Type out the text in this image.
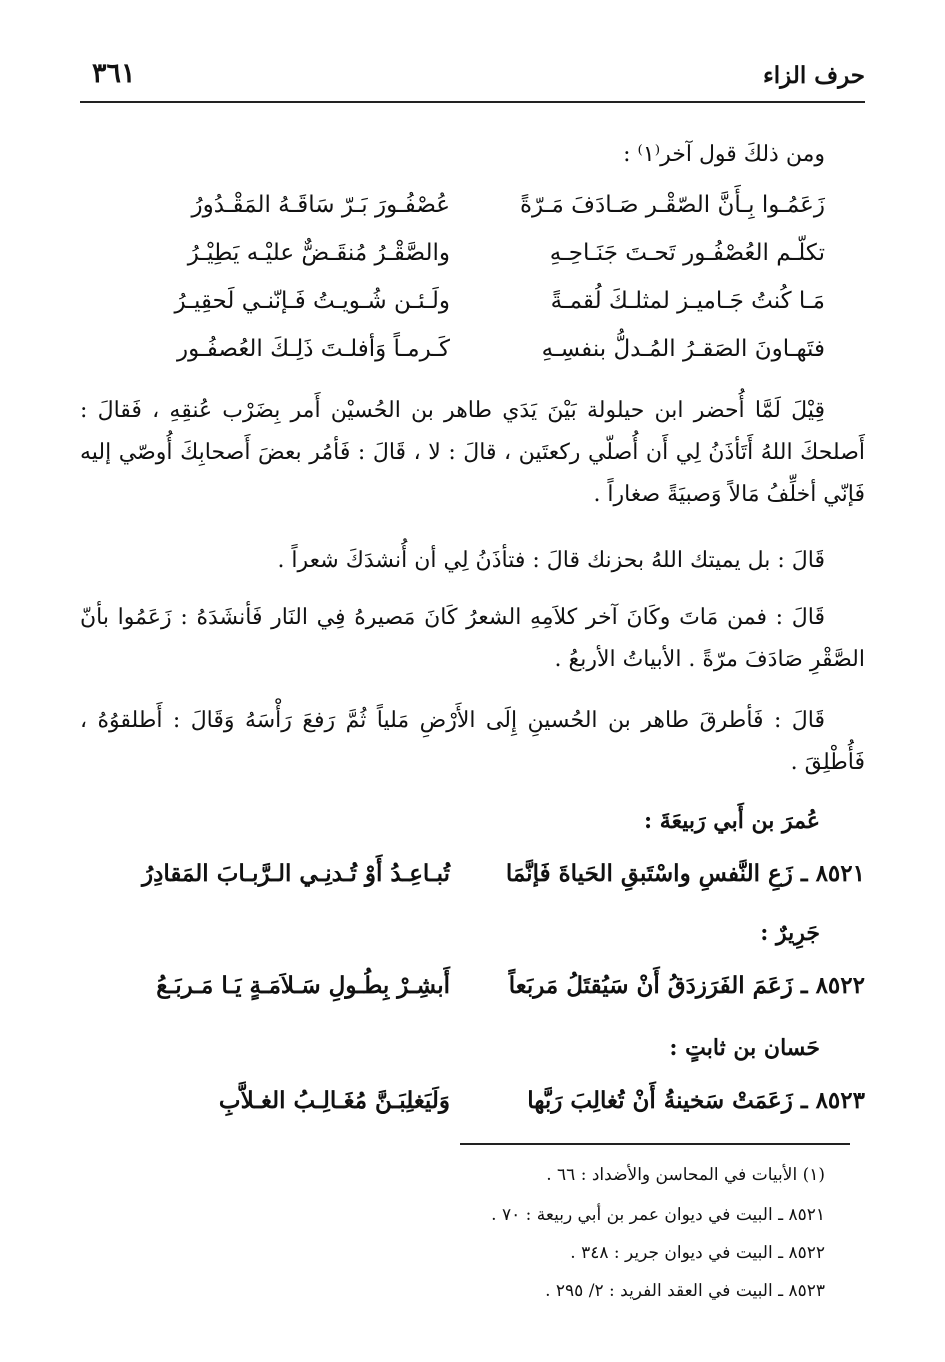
حرف الزاء
٣٦١
ومن ذلكَ قول آخر⁽١⁾ :
زَعَمُـوا بِـأَنَّ الصّقْـر صَـادَفَ مَـرّةً
عُصْفُـورَ بَـرّ سَاقَـهُ المَقْـدُورُ
تكلّـم العُصْفُـور تَحـتَ جَنَـاحِـهِ
والصَّقْـرُ مُنقَـضٌّ عليْـه يَطِيْـرُ
مَـا كُنتُ جَـاميـز لمثلـكَ لُقمـةً
ولَـئـن شُـويـتُ فَـإنّنـي لَحقِيـرُ
فتَهـاونَ الصَقـرُ المُـدلُّ بنفسِـهِ
كَـرمـاً وَأفلـتَ ذَلِـكَ العُصفُـور
قِيْلَ لَمَّا أُحضر ابن حيلولة بَيْنَ يَدَي طاهر بن الحُسيْن أَمر بِضَرْب عُنقِهِ ، فَقالَ : أَصلحكَ اللهُ أَتَأذَنُ لِي أَن أُصلّي ركعتَين ، قالَ : لا ، قَالَ : فَأمُر بعضَ أَصحابِكَ أُوصّي إليه فَإنّي أخلِّفُ مَالاً وَصبيَةً صغاراً .
قَالَ : بل يميتك اللهُ بحزنك قالَ : فتأذَنُ لِي أن أُنشدَكَ شعراً .
قَالَ : فمن مَاتَ وكَانَ آخر كلاَمِهِ الشعرُ كَانَ مَصيرهُ فِي النَار فَأنشَدَهُ : زَعَمُوا بأنّ الصَّقْرِ صَادَفَ مرّةً . الأبياتُ الأربعُ .
قَالَ : فَأطرقَ طاهر بن الحُسينِ إِلَى الأَرْضِ مَلياً ثُمَّ رَفعَ رَأْسَهُ وَقَالَ : أَطلقوُهُ ، فَأُطْلِقَ .
عُمرَ بن أَبي رَبيعَةَ :
٨٥٢١ ـ زَعِ النَّفسِ واسْتَبقِ الحَياةَ فَإنَّمَا
تُبـاعِـدُ أَوْ تُـدنِـي الـرَّبـابَ المَقادِرُ
جَرِيرٌ :
٨٥٢٢ ـ زَعَمَ الفَرَزدَقُ أَنْ سَيُقتَلُ مَربَعاً
أَبشِـرْ بِطُـولِ سَـلاَمَـةٍ يَـا مَـربَـعُ
حَسان بن ثابتٍ :
٨٥٢٣ ـ زَعَمَتْ سَخينةُ أَنْ تُغالِبَ رَبَّها
وَلَيَغلِبَـنَّ مُغَـالِـبُ الغـلاَّبِ
(١) الأبيات في المحاسن والأضداد : ٦٦ .
٨٥٢١ ـ البيت في ديوان عمر بن أبي ربيعة : ٧٠ .
٨٥٢٢ ـ البيت في ديوان جرير : ٣٤٨ .
٨٥٢٣ ـ البيت في العقد الفريد : ٢/ ٢٩٥ .
